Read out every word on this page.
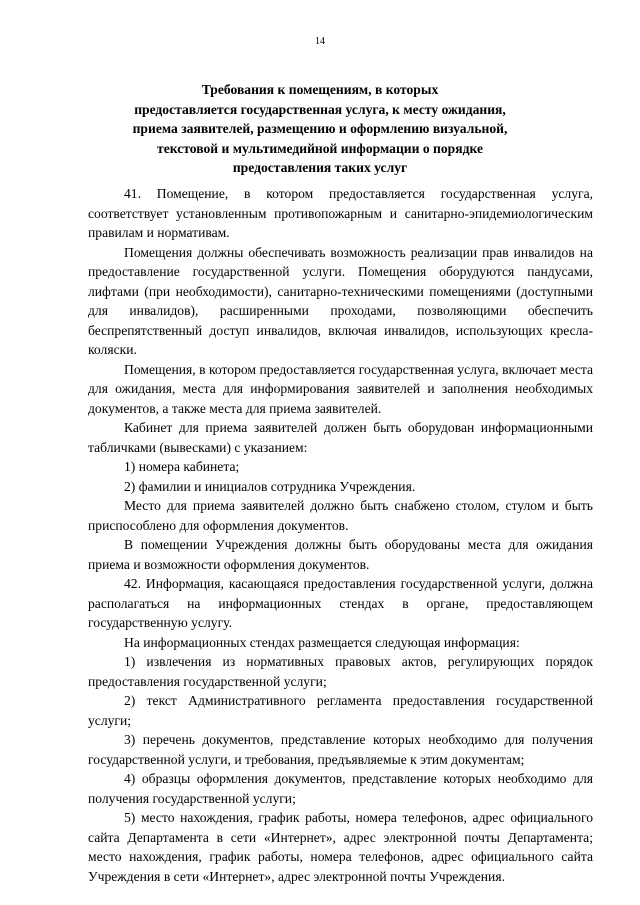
14
Требования к помещениям, в которых
предоставляется государственная услуга, к месту ожидания,
приема заявителей, размещению и оформлению визуальной,
текстовой и мультимедийной информации о порядке
предоставления таких услуг

41. Помещение, в котором предоставляется государственная услуга, соответствует установленным противопожарным и санитарно-эпидемиологическим правилам и нормативам.

Помещения должны обеспечивать возможность реализации прав инвалидов на предоставление государственной услуги. Помещения оборудуются пандусами, лифтами (при необходимости), санитарно-техническими помещениями (доступными для инвалидов), расширенными проходами, позволяющими обеспечить беспрепятственный доступ инвалидов, включая инвалидов, использующих кресла-коляски.

Помещения, в котором предоставляется государственная услуга, включает места для ожидания, места для информирования заявителей и заполнения необходимых документов, а также места для приема заявителей.

Кабинет для приема заявителей должен быть оборудован информационными табличками (вывесками) с указанием:

1) номера кабинета;

2) фамилии и инициалов сотрудника Учреждения.

Место для приема заявителей должно быть снабжено столом, стулом и быть приспособлено для оформления документов.

В помещении Учреждения должны быть оборудованы места для ожидания приема и возможности оформления документов.

42. Информация, касающаяся предоставления государственной услуги, должна располагаться на информационных стендах в органе, предоставляющем государственную услугу.

На информационных стендах размещается следующая информация:

1) извлечения из нормативных правовых актов, регулирующих порядок предоставления государственной услуги;

2) текст Административного регламента предоставления государственной услуги;

3) перечень документов, представление которых необходимо для получения государственной услуги, и требования, предъявляемые к этим документам;

4) образцы оформления документов, представление которых необходимо для получения государственной услуги;

5) место нахождения, график работы, номера телефонов, адрес официального сайта Департамента в сети «Интернет», адрес электронной почты Департамента; место нахождения, график работы, номера телефонов, адрес официального сайта Учреждения в сети «Интернет», адрес электронной почты Учреждения.
